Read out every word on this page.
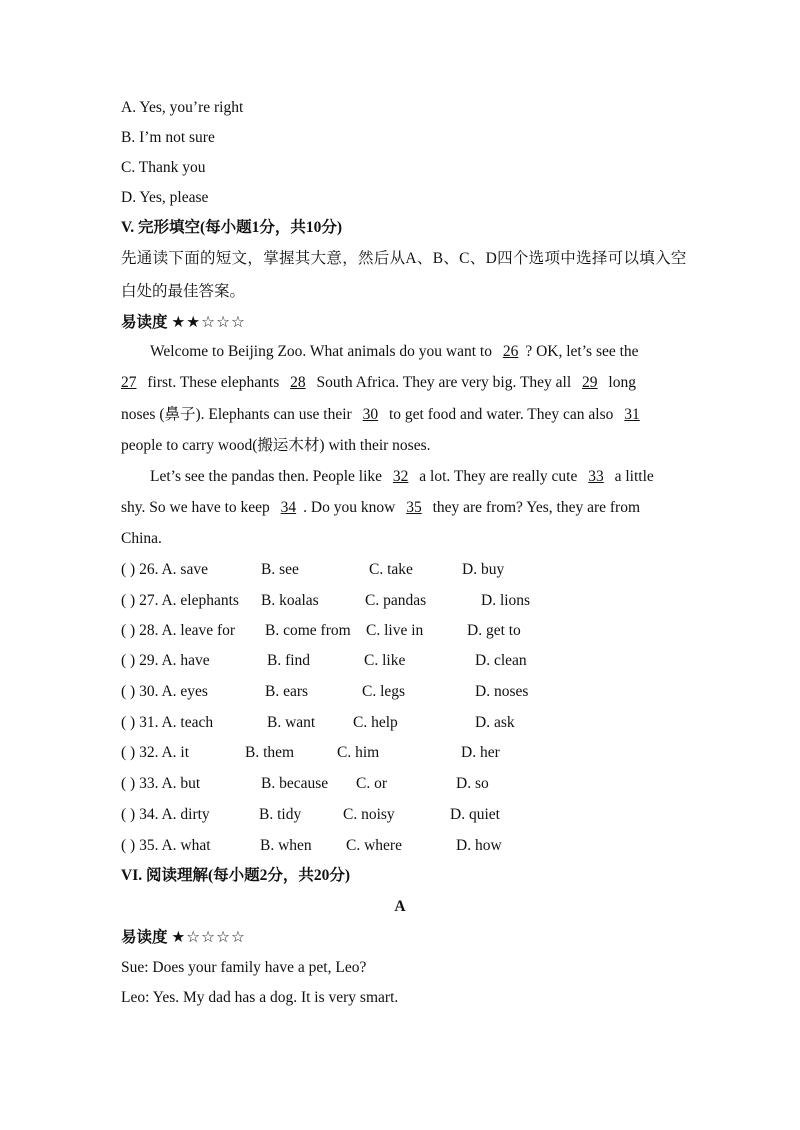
A. Yes, you’re right
B. I’m not sure
C. Thank you
D. Yes, please
V. 完形填空(每小题1分，共10分)
先通读下面的短文，掌握其大意，然后从A、B、C、D四个选项中选择可以填入空
白处的最佳答案。
易读度 ★★☆☆☆
Welcome to Beijing Zoo. What animals do you want to 26 ? OK, let’s see the
27 first. These elephants 28 South Africa. They are very big. They all 29 long
noses (鼻子). Elephants can use their 30 to get food and water. They can also 31
people to carry wood(搬运木材) with their noses.
Let’s see the pandas then. People like 32 a lot. They are really cute 33 a little
shy. So we have to keep 34 . Do you know 35 they are from? Yes, they are from
China.
( ) 26. A. save	B. see	C. take	D. buy
( ) 27. A. elephants B. koalas	C. pandas	D. lions
( ) 28. A. leave for B. come from C. live in	D. get to
( ) 29. A. have	B. find	C. like	D. clean
( ) 30. A. eyes	B. ears	C. legs	D. noses
( ) 31. A. teach	B. want C. help	D. ask
( ) 32. A. it	B. them	C. him	D. her
( ) 33. A. but	B. because C. or	D. so
( ) 34. A. dirty	B. tidy	C. noisy	D. quiet
( ) 35. A. what	B. when C. where	D. how
VI. 阅读理解(每小题2分，共20分)
A
易读度 ★☆☆☆☆
Sue: Does your family have a pet, Leo?
Leo: Yes. My dad has a dog. It is very smart.
